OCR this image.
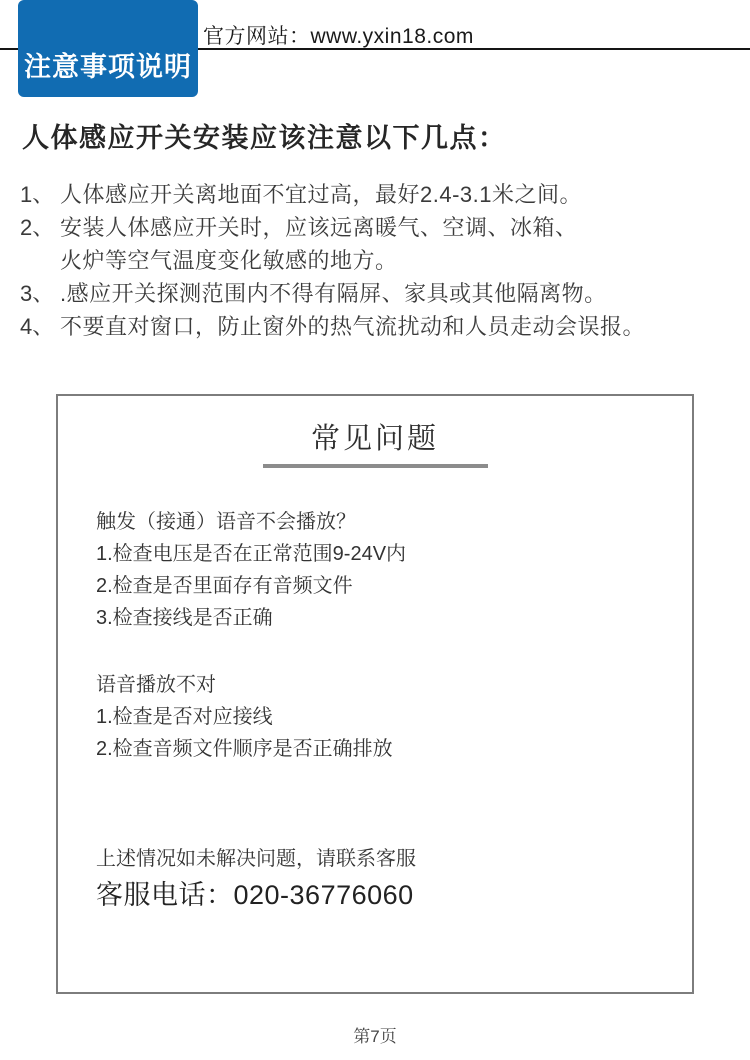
注意事项说明
官方网站：www.yxin18.com
人体感应开关安装应该注意以下几点：
1、 人体感应开关离地面不宜过高，最好2.4-3.1米之间。
2、 安装人体感应开关时，应该远离暖气、空调、冰箱、
火炉等空气温度变化敏感的地方。
3、 .感应开关探测范围内不得有隔屏、家具或其他隔离物。
4、 不要直对窗口，防止窗外的热气流扰动和人员走动会误报。
常见问题
触发（接通）语音不会播放？
1.检查电压是否在正常范围9-24V内
2.检查是否里面存有音频文件
3.检查接线是否正确
语音播放不对
1.检查是否对应接线
2.检查音频文件顺序是否正确排放
上述情况如未解决问题，请联系客服
客服电话：020-36776060
第7页
